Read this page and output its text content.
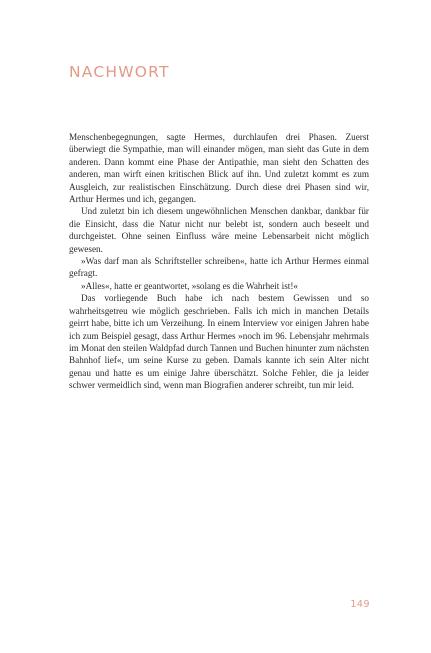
NACHWORT

Menschenbegegnungen, sagte Hermes, durchlaufen drei Phasen. Zuerst überwiegt die Sympathie, man will einander mögen, man sieht das Gute in dem anderen. Dann kommt eine Phase der Antipathie, man sieht den Schatten des anderen, man wirft einen kritischen Blick auf ihn. Und zuletzt kommt es zum Ausgleich, zur realistischen Einschätzung. Durch diese drei Phasen sind wir, Arthur Hermes und ich, gegangen.

Und zuletzt bin ich diesem ungewöhnlichen Menschen dankbar, dankbar für die Einsicht, dass die Natur nicht nur belebt ist, sondern auch beseelt und durchgeistet. Ohne seinen Einfluss wäre meine Lebensarbeit nicht möglich gewesen.

»Was darf man als Schriftsteller schreiben«, hatte ich Arthur Hermes einmal gefragt.

»Alles«, hatte er geantwortet, »solang es die Wahrheit ist!«

Das vorliegende Buch habe ich nach bestem Gewissen und so wahrheitsgetreu wie möglich geschrieben. Falls ich mich in manchen Details geirrt habe, bitte ich um Verzeihung. In einem Interview vor einigen Jahren habe ich zum Beispiel gesagt, dass Arthur Hermes »noch im 96. Lebensjahr mehrmals im Monat den steilen Waldpfad durch Tannen und Buchen hinunter zum nächsten Bahnhof lief«, um seine Kurse zu geben. Damals kannte ich sein Alter nicht genau und hatte es um einige Jahre überschätzt. Solche Fehler, die ja leider schwer vermeidlich sind, wenn man Biografien anderer schreibt, tun mir leid.

149
